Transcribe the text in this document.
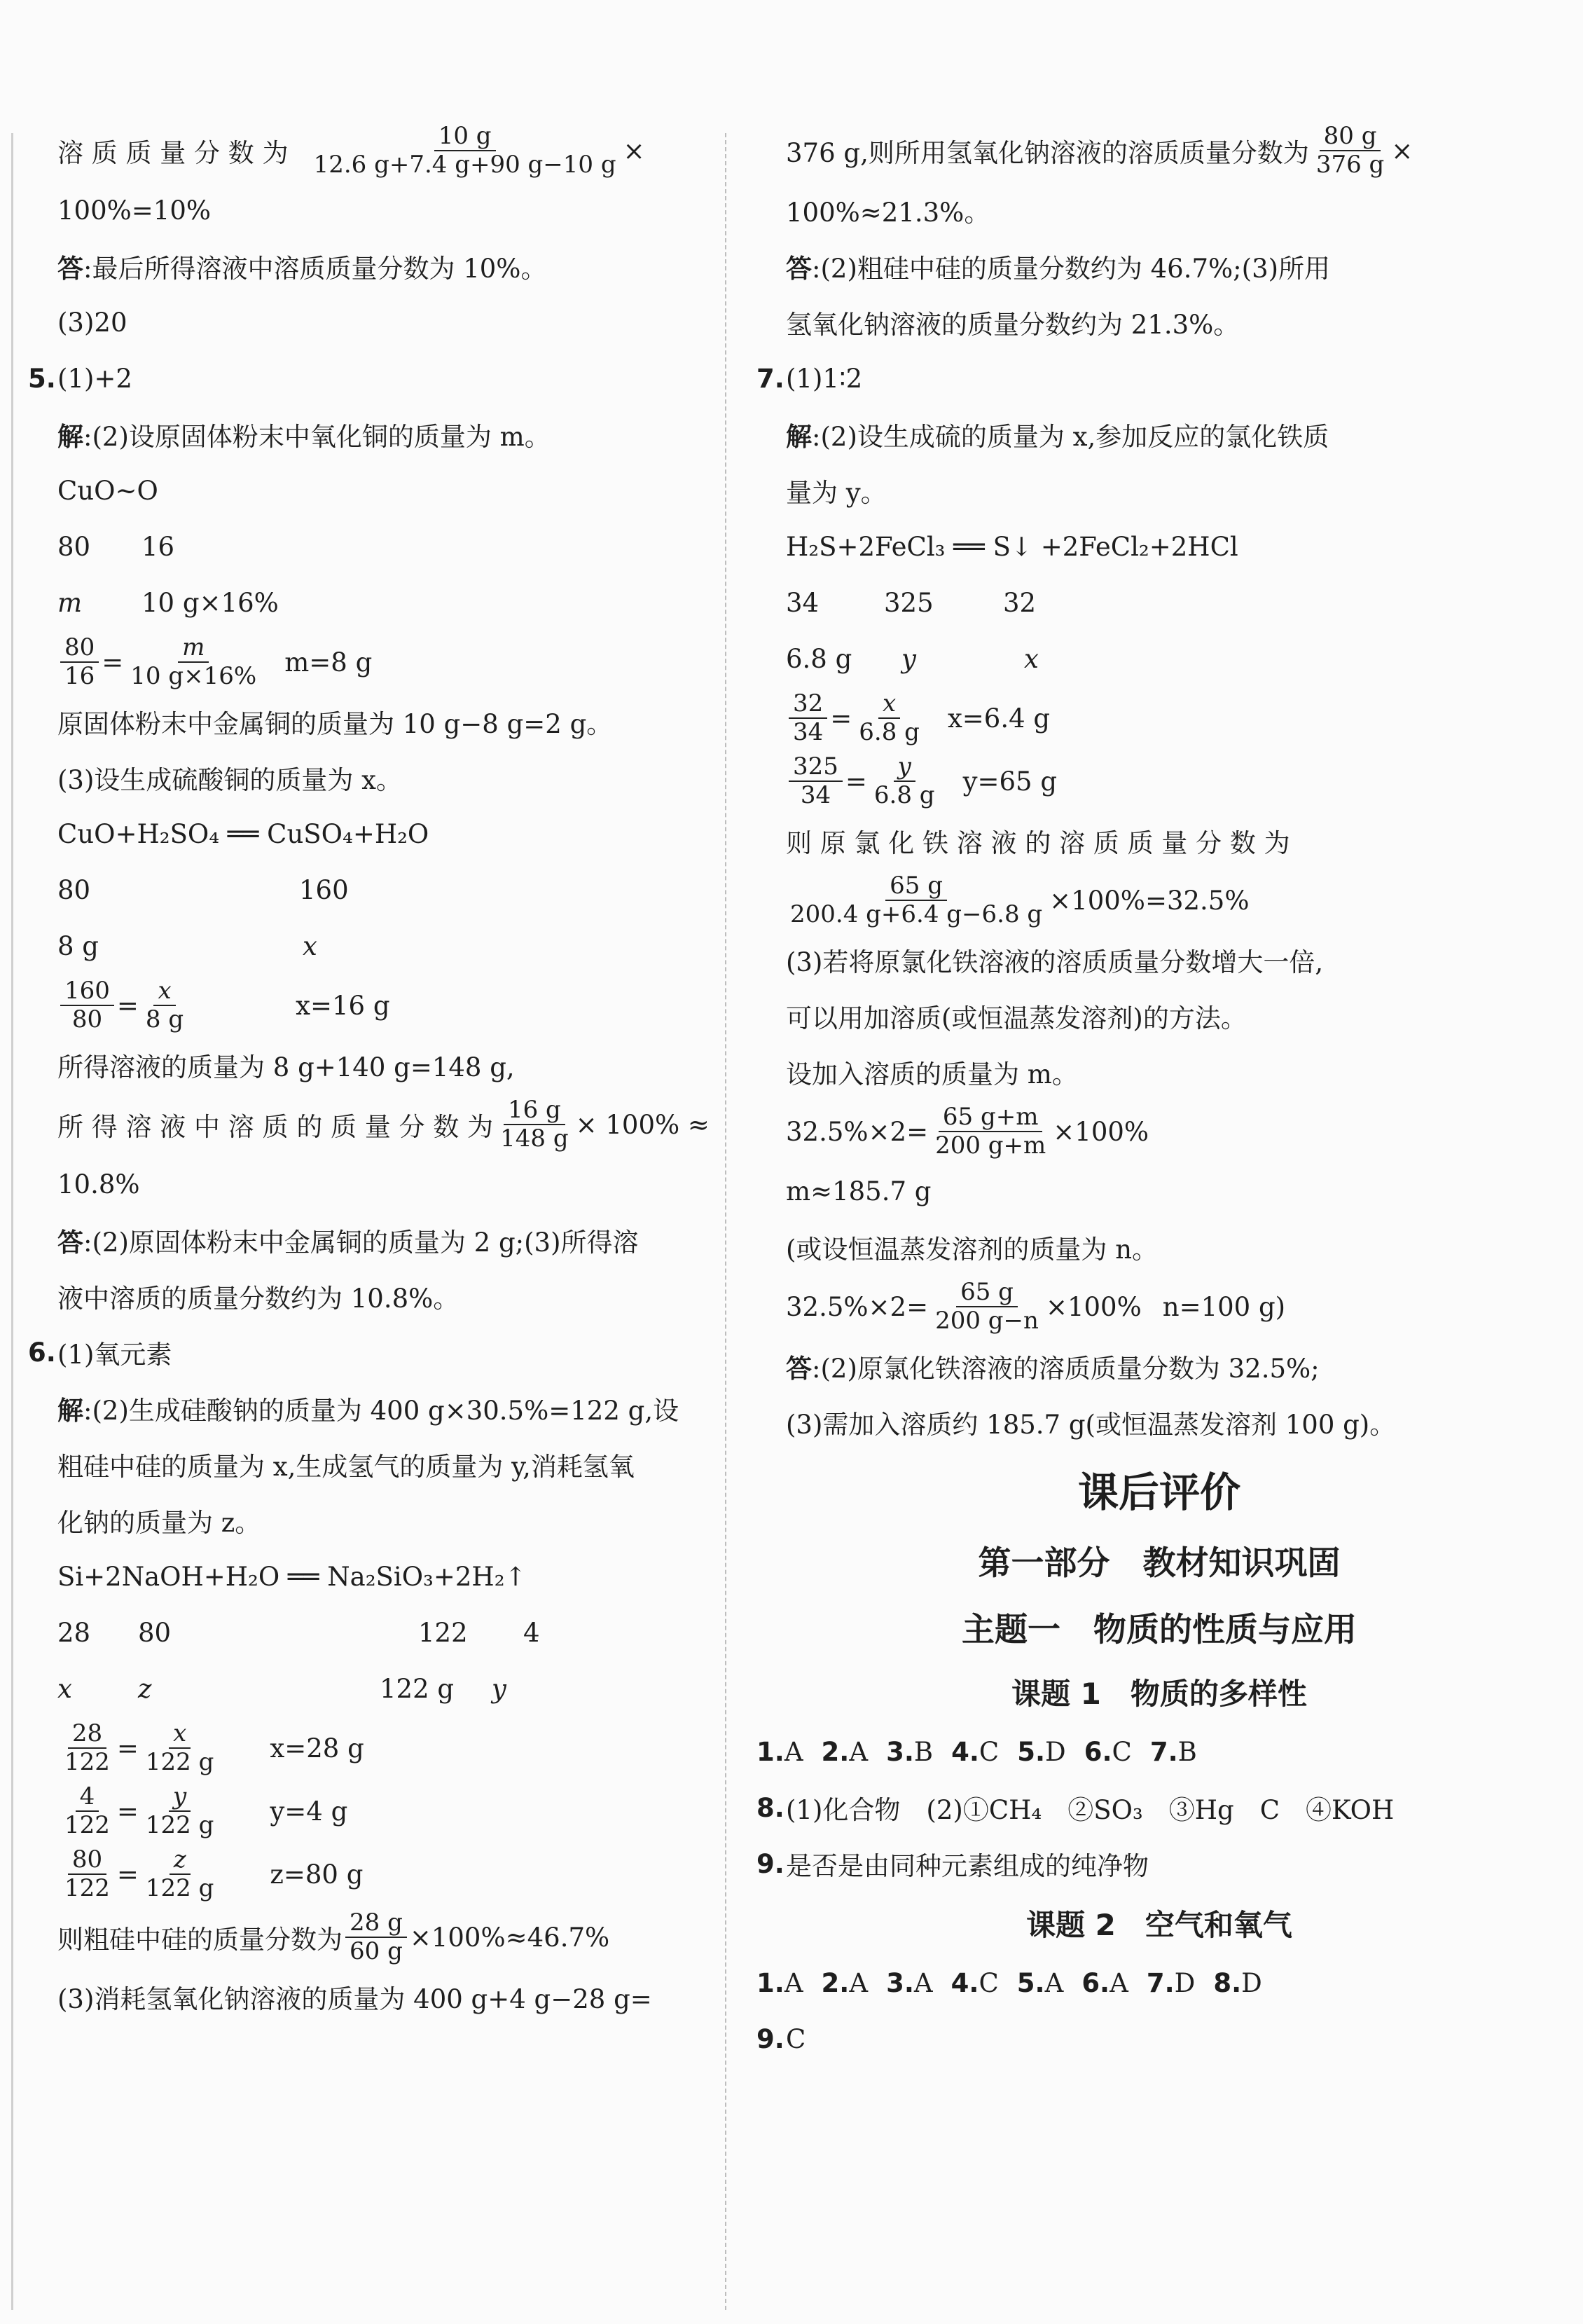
溶 质 质 量 分 数 为 $\frac{10 g}{12.6 g+7.4 g+90 g-10 g}$ ×
100%=10%
答 :最后所得溶液中溶质质量分数为 10%。
(3)20
5. (1)+2
解 :(2)设原固体粉末中氧化铜的质量为 m。
CuO~O
80	16
m	10 g×16%
$\frac{80}{16} = \frac{m}{10 g\times 16\%} m=8$ g
原固体粉末中金属铜的质量为 10 g−8 g=2 g。
(3)设生成硫酸铜的质量为 x。
CuO+H₂SO₄ ══ CuSO₄+H₂O
80	160
8 g	x
$\frac{160}{80} = \frac{x}{8 g}$	x=16 g
所得溶液的质量为 8 g+140 g=148 g,
所 得 溶 液 中 溶 质 的 质 量 分 数 为 $\frac{16 g}{148 g} \times 100\%$ ≈
10.8%
答 :(2)原固体粉末中金属铜的质量为 2 g;(3)所得溶
液中溶质的质量分数约为 10.8%。
6. (1)氧元素
解 :(2)生成硅酸钠的质量为 400 g×30.5%=122 g,设
粗硅中硅的质量为 x,生成氢气的质量为 y,消耗氢氧
化钠的质量为 z。
Si+2NaOH+H₂O ══ Na₂SiO₃+2H₂↑
28	80	122	4
x	z	122 g	y
$\frac{28}{122} = \frac{x}{122 g} x=28$ g
$\frac{4}{122} = \frac{y}{122 g} y=4$ g
$\frac{80}{122} = \frac{z}{122 g} z=80$ g
则粗硅中硅的质量分数为 $\frac{28 g}{60 g} \times 100\%\approx 46.7\%$
(3)消耗氢氧化钠溶液的质量为 400 g+4 g−28 g=
376 g,则所用氢氧化钠溶液的溶质质量分数为 $\frac{80 g}{376 g}$ ×
100%≈21.3%。
答 :(2)粗硅中硅的质量分数约为 46.7%;(3)所用
氢氧化钠溶液的质量分数约为 21.3%。
7. (1)1∶2
解 :(2)设生成硫的质量为 x,参加反应的氯化铁质
量为 y。
H₂S+2FeCl₃ ══ S↓ +2FeCl₂+2HCl
34	325	32
6.8 g	y	x
$\frac{32}{34} = \frac{x}{6.8 g} x=6.4$ g
$\frac{325}{34} = \frac{y}{6.8 g} y=65$ g
则 原 氯 化 铁 溶 液 的 溶 质 质 量 分 数 为
$\frac{65 g}{200.4 g+6.4 g-6.8 g} \times 100\%=32.5\%$
(3)若将原氯化铁溶液的溶质质量分数增大一倍,
可以用加溶质(或恒温蒸发溶剂)的方法。
设加入溶质的质量为 m。
$32.5\%\times 2= \frac{65 g+m}{200 g+m} \times 100\%$
m≈185.7 g
(或设恒温蒸发溶剂的质量为 n。
$32.5\%\times 2= \frac{65 g}{200 g-n} \times 100\%$ n=100 g)
答 :(2)原氯化铁溶液的溶质质量分数为 32.5%;
(3)需加入溶质约 185.7 g(或恒温蒸发溶剂 100 g)。
课后评价
第一部分　教材知识巩固
主题一　物质的性质与应用
课题 1　物质的多样性
1.A 2.A 3.B 4.C 5.D 6.C 7.B
8. (1)化合物　(2)①CH₄　②SO₃　③Hg　C　④KOH
9. 是否是由同种元素组成的纯净物
课题 2　空气和氧气
1.A 2.A 3.A 4.C 5.A 6.A 7.D 8.D
9. C
